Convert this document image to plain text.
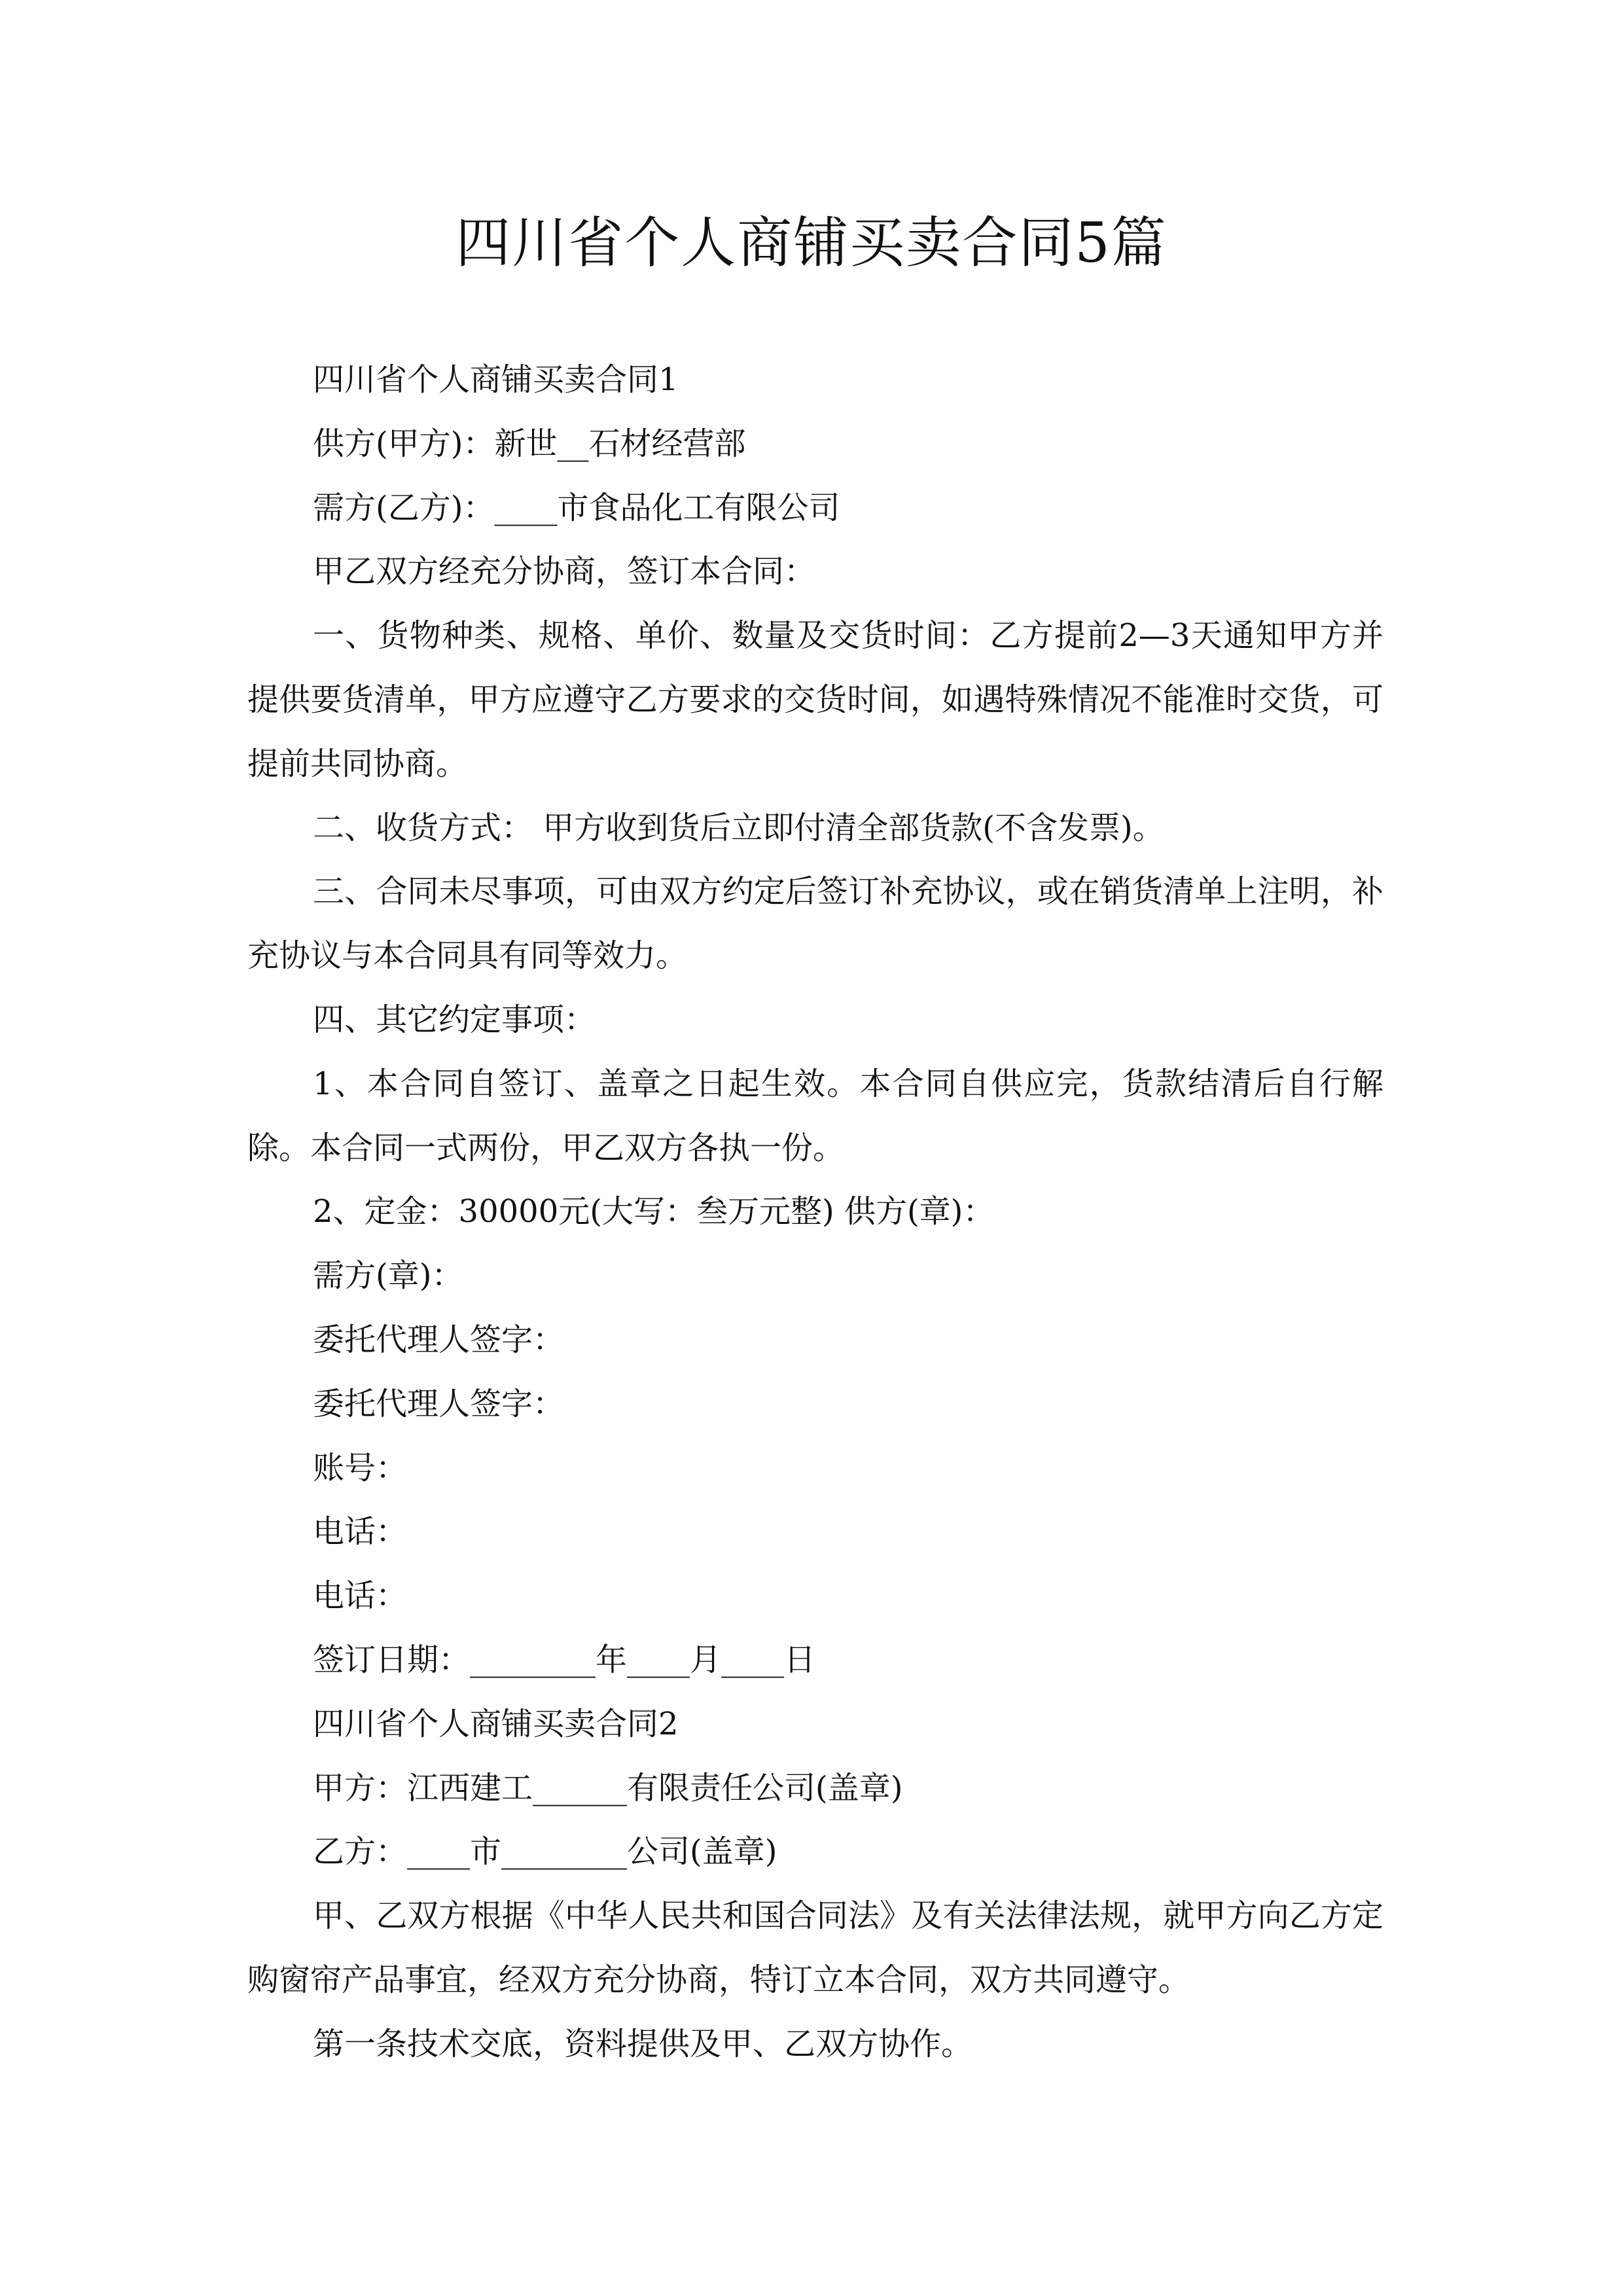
四川省个人商铺买卖合同5篇

四川省个人商铺买卖合同1

供方(甲方)：新世__石材经营部

需方(乙方)：____市食品化工有限公司

甲乙双方经充分协商，签订本合同：

一、货物种类、规格、单价、数量及交货时间：乙方提前2—3天通知甲方并提供要货清单，甲方应遵守乙方要求的交货时间，如遇特殊情况不能准时交货，可提前共同协商。

二、收货方式： 甲方收到货后立即付清全部货款(不含发票)。

三、合同未尽事项，可由双方约定后签订补充协议，或在销货清单上注明，补充协议与本合同具有同等效力。

四、其它约定事项：

1、本合同自签订、盖章之日起生效。本合同自供应完，货款结清后自行解除。本合同一式两份，甲乙双方各执一份。

2、定金：30000元(大写：叁万元整) 供方(章)：

需方(章)：

委托代理人签字：

委托代理人签字：

账号：

电话：

电话：

签订日期：________年____月____日

四川省个人商铺买卖合同2

甲方：江西建工______有限责任公司(盖章)

乙方：____市________公司(盖章)

甲、乙双方根据《中华人民共和国合同法》及有关法律法规，就甲方向乙方定购窗帘产品事宜，经双方充分协商，特订立本合同，双方共同遵守。

第一条技术交底，资料提供及甲、乙双方协作。
